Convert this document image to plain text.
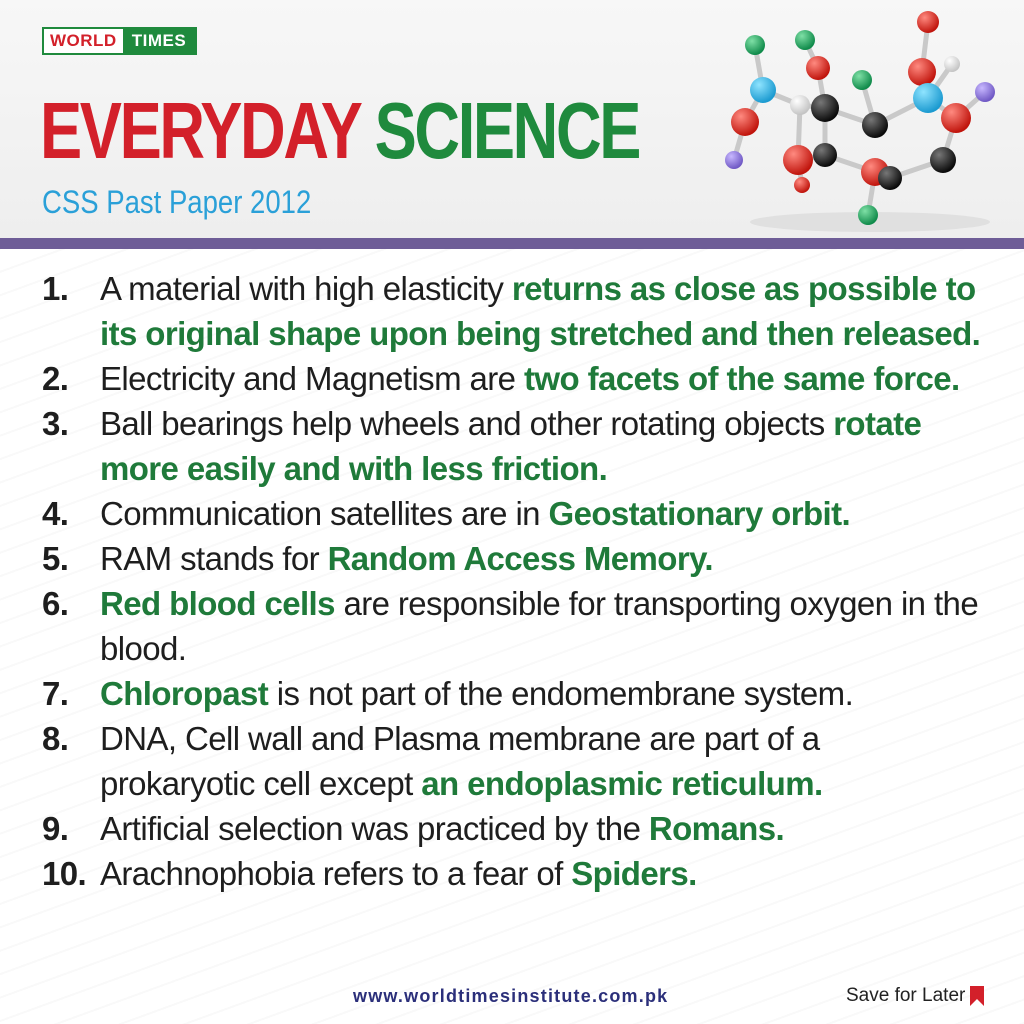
WORLD TIMES
EVERYDAY SCIENCE
CSS Past Paper 2012
1. A material with high elasticity returns as close as possible to its original shape upon being stretched and then released.
2. Electricity and Magnetism are two facets of the same force.
3. Ball bearings help wheels and other rotating objects rotate more easily and with less friction.
4. Communication satellites are in Geostationary orbit.
5. RAM stands for Random Access Memory.
6. Red blood cells are responsible for transporting oxygen in the blood.
7. Chloropast is not part of the endomembrane system.
8. DNA, Cell wall and Plasma membrane are part of a prokaryotic cell except an endoplasmic reticulum.
9. Artificial selection was practiced by the Romans.
10. Arachnophobia refers to a fear of Spiders.
www.worldtimesinstitute.com.pk	Save for Later
